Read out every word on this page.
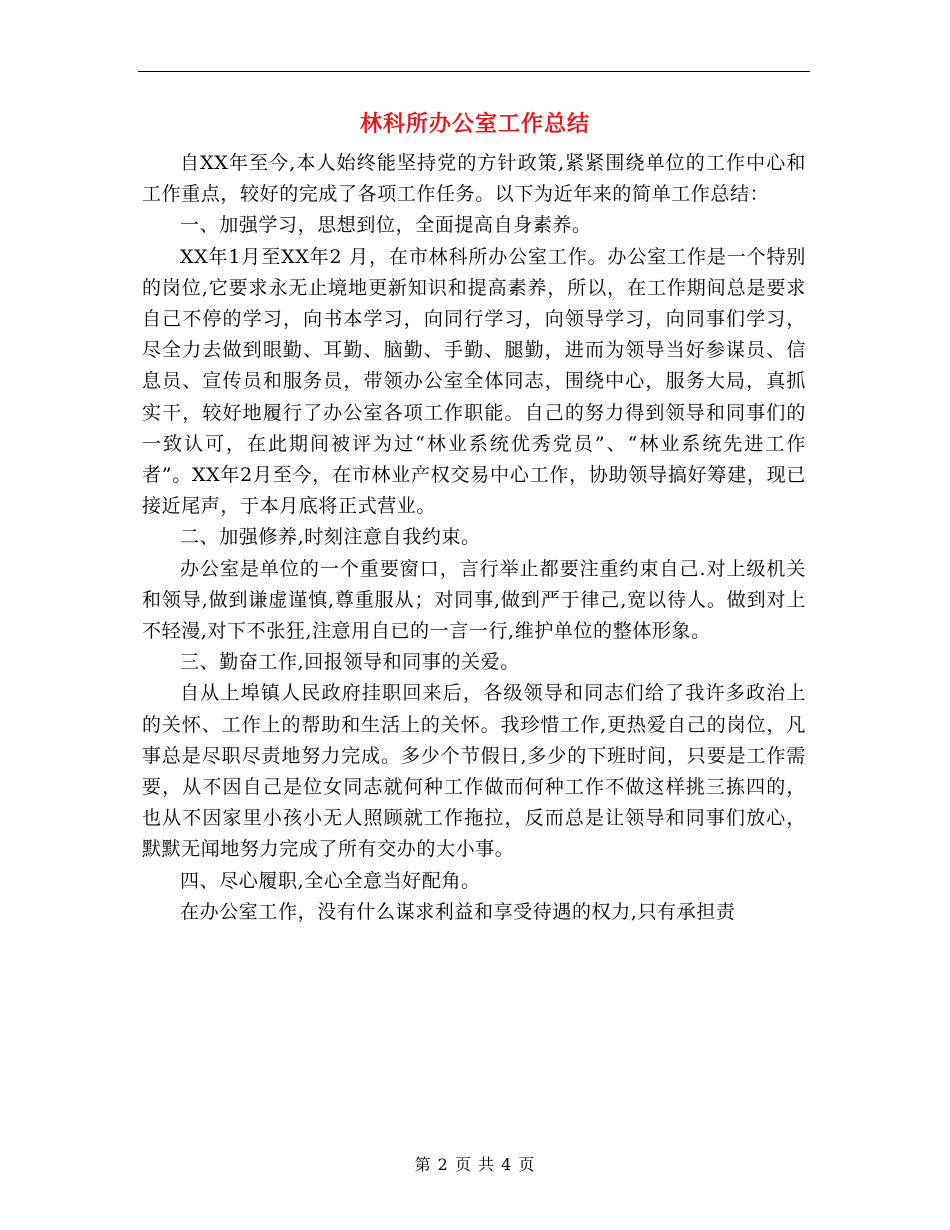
林科所办公室工作总结

自XX年至今,本人始终能坚持党的方针政策,紧紧围绕单位的工作中心和工作重点，较好的完成了各项工作任务。以下为近年来的简单工作总结：

一、加强学习，思想到位，全面提高自身素养。

XX年1月至XX年2 月，在市林科所办公室工作。办公室工作是一个特别的岗位,它要求永无止境地更新知识和提高素养，所以，在工作期间总是要求自己不停的学习，向书本学习，向同行学习，向领导学习，向同事们学习，尽全力去做到眼勤、耳勤、脑勤、手勤、腿勤，进而为领导当好参谋员、信息员、宣传员和服务员，带领办公室全体同志，围绕中心，服务大局，真抓实干，较好地履行了办公室各项工作职能。自己的努力得到领导和同事们的一致认可，在此期间被评为过“林业系统优秀党员”、“林业系统先进工作者”。XX年2月至今，在市林业产权交易中心工作，协助领导搞好筹建，现已接近尾声，于本月底将正式营业。

二、加强修养,时刻注意自我约束。

办公室是单位的一个重要窗口，言行举止都要注重约束自己.对上级机关和领导,做到谦虚谨慎,尊重服从；对同事,做到严于律己,宽以待人。做到对上不轻漫,对下不张狂,注意用自已的一言一行,维护单位的整体形象。

三、勤奋工作,回报领导和同事的关爱。

自从上埠镇人民政府挂职回来后，各级领导和同志们给了我许多政治上的关怀、工作上的帮助和生活上的关怀。我珍惜工作,更热爱自己的岗位，凡事总是尽职尽责地努力完成。多少个节假日,多少的下班时间，只要是工作需要，从不因自己是位女同志就何种工作做而何种工作不做这样挑三拣四的，也从不因家里小孩小无人照顾就工作拖拉，反而总是让领导和同事们放心，默默无闻地努力完成了所有交办的大小事。

四、尽心履职,全心全意当好配角。

在办公室工作，没有什么谋求利益和享受待遇的权力,只有承担责

第 2 页 共 4 页
